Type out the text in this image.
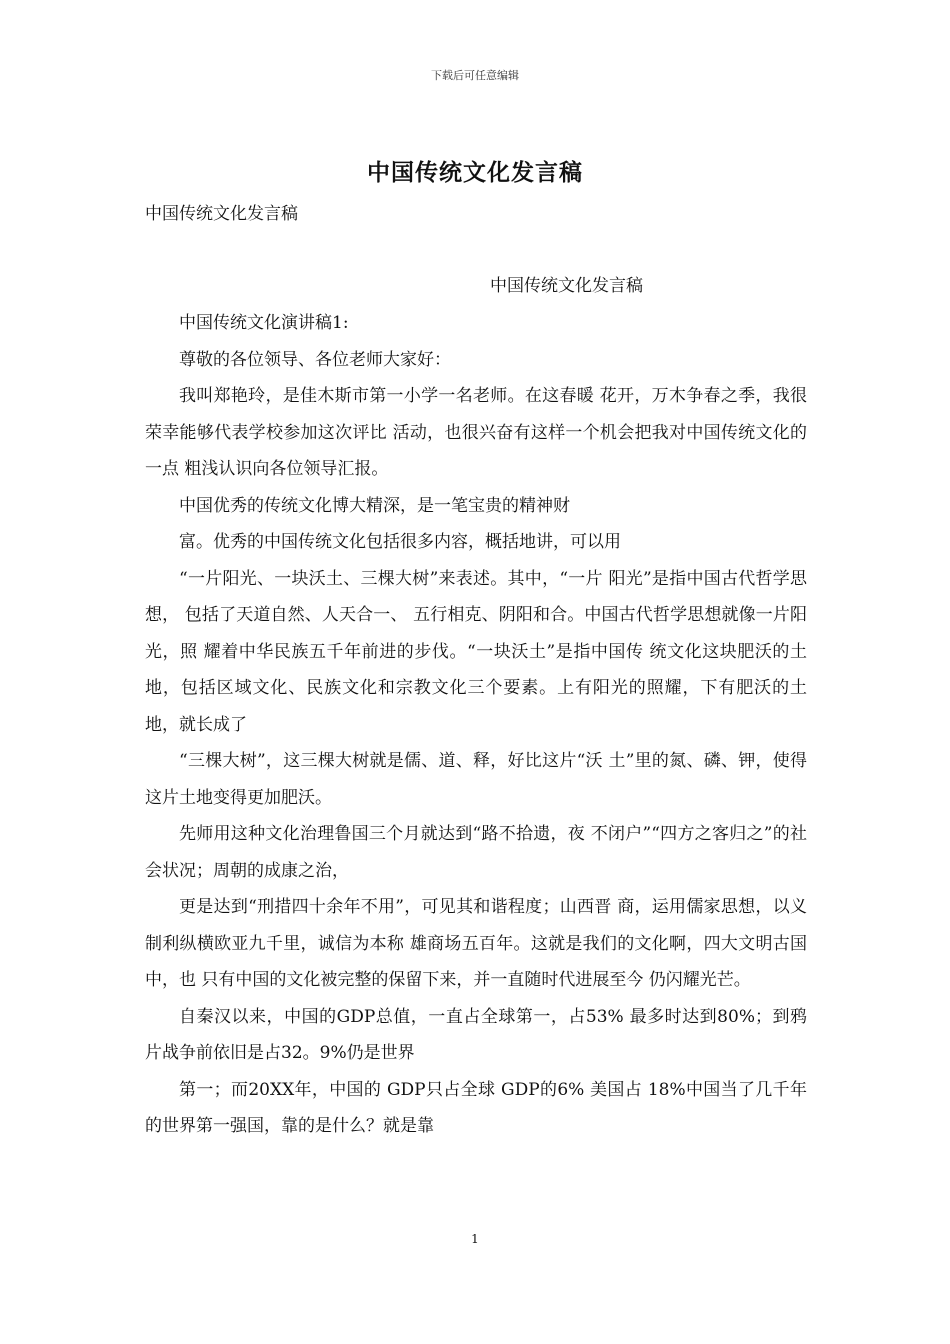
下载后可任意编辑
中国传统文化发言稿
中国传统文化发言稿
中国传统文化发言稿

中国传统文化演讲稿1:

尊敬的各位领导、各位老师大家好：

我叫郑艳玲，是佳木斯市第一小学一名老师。在这春暖 花开，万木争春之季，我很荣幸能够代表学校参加这次评比 活动，也很兴奋有这样一个机会把我对中国传统文化的一点 粗浅认识向各位领导汇报。

中国优秀的传统文化博大精深，是一笔宝贵的精神财

富。优秀的中国传统文化包括很多内容，概括地讲，可以用

“一片阳光、一块沃土、三棵大树”来表述。其中，“一片 阳光”是指中国古代哲学思想， 包括了天道自然、人天合一、 五行相克、阴阳和合。中国古代哲学思想就像一片阳光，照 耀着中华民族五千年前进的步伐。“一块沃土”是指中国传 统文化这块肥沃的土地，包括区域文化、民族文化和宗教文化三个要素。上有阳光的照耀，下有肥沃的土地，就长成了

“三棵大树”，这三棵大树就是儒、道、释，好比这片“沃 土”里的氮、磷、钾，使得这片土地变得更加肥沃。

先师用这种文化治理鲁国三个月就达到“路不拾遗，夜 不闭户”“四方之客归之”的社会状况；周朝的成康之治，

更是达到“刑措四十余年不用”，可见其和谐程度；山西晋 商，运用儒家思想，以义制利纵横欧亚九千里，诚信为本称 雄商场五百年。这就是我们的文化啊，四大文明古国中，也 只有中国的文化被完整的保留下来，并一直随时代进展至今 仍闪耀光芒。

自秦汉以来，中国的GDP总值，一直占全球第一，占53% 最多时达到80%；到鸦片战争前依旧是占32。9%仍是世界

第一；而20XX年，中国的 GDP只占全球 GDP的6% 美国占 18%中国当了几千年的世界第一强国，靠的是什么？就是靠

1
